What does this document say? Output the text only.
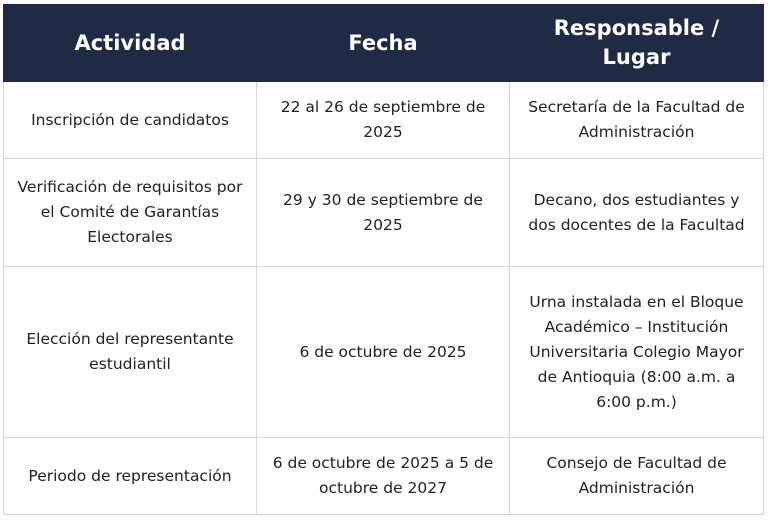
Actividad	Fecha	Responsable / Lugar
Inscripción de candidatos	22 al 26 de septiembre de 2025	Secretaría de la Facultad de Administración
Verificación de requisitos por el Comité de Garantías Electorales	29 y 30 de septiembre de 2025	Decano, dos estudiantes y dos docentes de la Facultad
Elección del representante estudiantil	6 de octubre de 2025	Urna instalada en el Bloque Académico – Institución Universitaria Colegio Mayor de Antioquia (8:00 a.m. a 6:00 p.m.)
Periodo de representación	6 de octubre de 2025 a 5 de octubre de 2027	Consejo de Facultad de Administración
